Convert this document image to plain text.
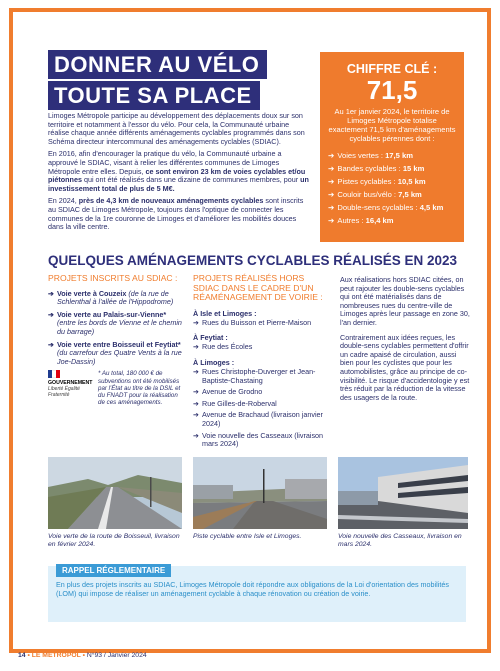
DONNER AU VÉLO
TOUTE SA PLACE

Limoges Métropole participe au développement des déplacements doux sur son territoire et notamment à l'essor du vélo. Pour cela, la Communauté urbaine réalise chaque année différents aménagements cyclables programmés dans son Schéma directeur intercommunal des aménagements cyclables (SDIAC).

En 2016, afin d'encourager la pratique du vélo, la Communauté urbaine a approuvé le SDIAC, visant à relier les différentes communes de Limoges Métropole entre elles. Depuis, ce sont environ 23 km de voies cyclables et/ou piétonnes qui ont été réalisés dans une dizaine de communes membres, pour un investissement total de plus de 5 M€.

En 2024, près de 4,3 km de nouveaux aménagements cyclables sont inscrits au SDIAC de Limoges Métropole, toujours dans l'optique de connecter les communes de la 1re couronne de Limoges et d'améliorer les mobilités douces dans la ville centre.

CHIFFRE CLÉ :
71,5
Au 1er janvier 2024, le territoire de Limoges Métropole totalise exactement 71,5 km d'aménagements cyclables pérennes dont :
➔ Voies vertes : 17,5 km
➔ Bandes cyclables : 15 km
➔ Pistes cyclables : 10,5 km
➔ Couloir bus/vélo : 7,5 km
➔ Double-sens cyclables : 4,5 km
➔ Autres : 16,4 km
QUELQUES AMÉNAGEMENTS CYCLABLES RÉALISÉS EN 2023
PROJETS INSCRITS AU SDIAC :
➔ Voie verte à Couzeix (de la rue de Schlenthal à l'allée de l'Hippodrome)
➔ Voie verte au Palais-sur-Vienne* (entre les bords de Vienne et le chemin du barrage)
➔ Voie verte entre Boisseuil et Feytiat* (du carrefour des Quatre Vents à la rue Joe-Dassin)
GOUVERNEMENT
Liberté Égalité Fraternité
* Au total, 180 000 € de subventions ont été mobilisés par l'État au titre de la DSIL et du FNADT pour la réalisation de ces aménagements.
PROJETS RÉALISÉS HORS SDIAC DANS LE CADRE D'UN RÉAMÉNAGEMENT DE VOIRIE :
À Isle et Limoges :
➔ Rues du Buisson et Pierre-Maison
À Feytiat :
➔ Rue des Écoles
À Limoges :
➔ Rues Christophe-Duverger et Jean-Baptiste-Chastaing
➔ Avenue de Grodno
➔ Rue Gilles-de-Roberval
➔ Avenue de Brachaud (livraison janvier 2024)
➔ Voie nouvelle des Casseaux (livraison mars 2024)

Aux réalisations hors SDIAC citées, on peut rajouter les double-sens cyclables qui ont été matérialisés dans de nombreuses rues du centre-ville de Limoges après leur passage en zone 30, l'an dernier.

Contrairement aux idées reçues, les double-sens cyclables permettent d'offrir un cadre apaisé de circulation, aussi bien pour les cyclistes que pour les automobilistes, grâce au principe de co-visibilité. Le risque d'accidentologie y est très réduit par la réduction de la vitesse des usagers de la route.

Voie verte de la route de Boisseuil, livraison en février 2024.
Piste cyclable entre Isle et Limoges.	Voie nouvelle des Casseaux, livraison en mars 2024.
RAPPEL RÉGLEMENTAIRE
En plus des projets inscrits au SDIAC, Limoges Métropole doit répondre aux obligations de la Loi d'orientation des mobilités (LOM) qui impose de réaliser un aménagement cyclable à chaque rénovation ou création de voirie.
14 • LE MÉTROPOL • N°93 / Janvier 2024
